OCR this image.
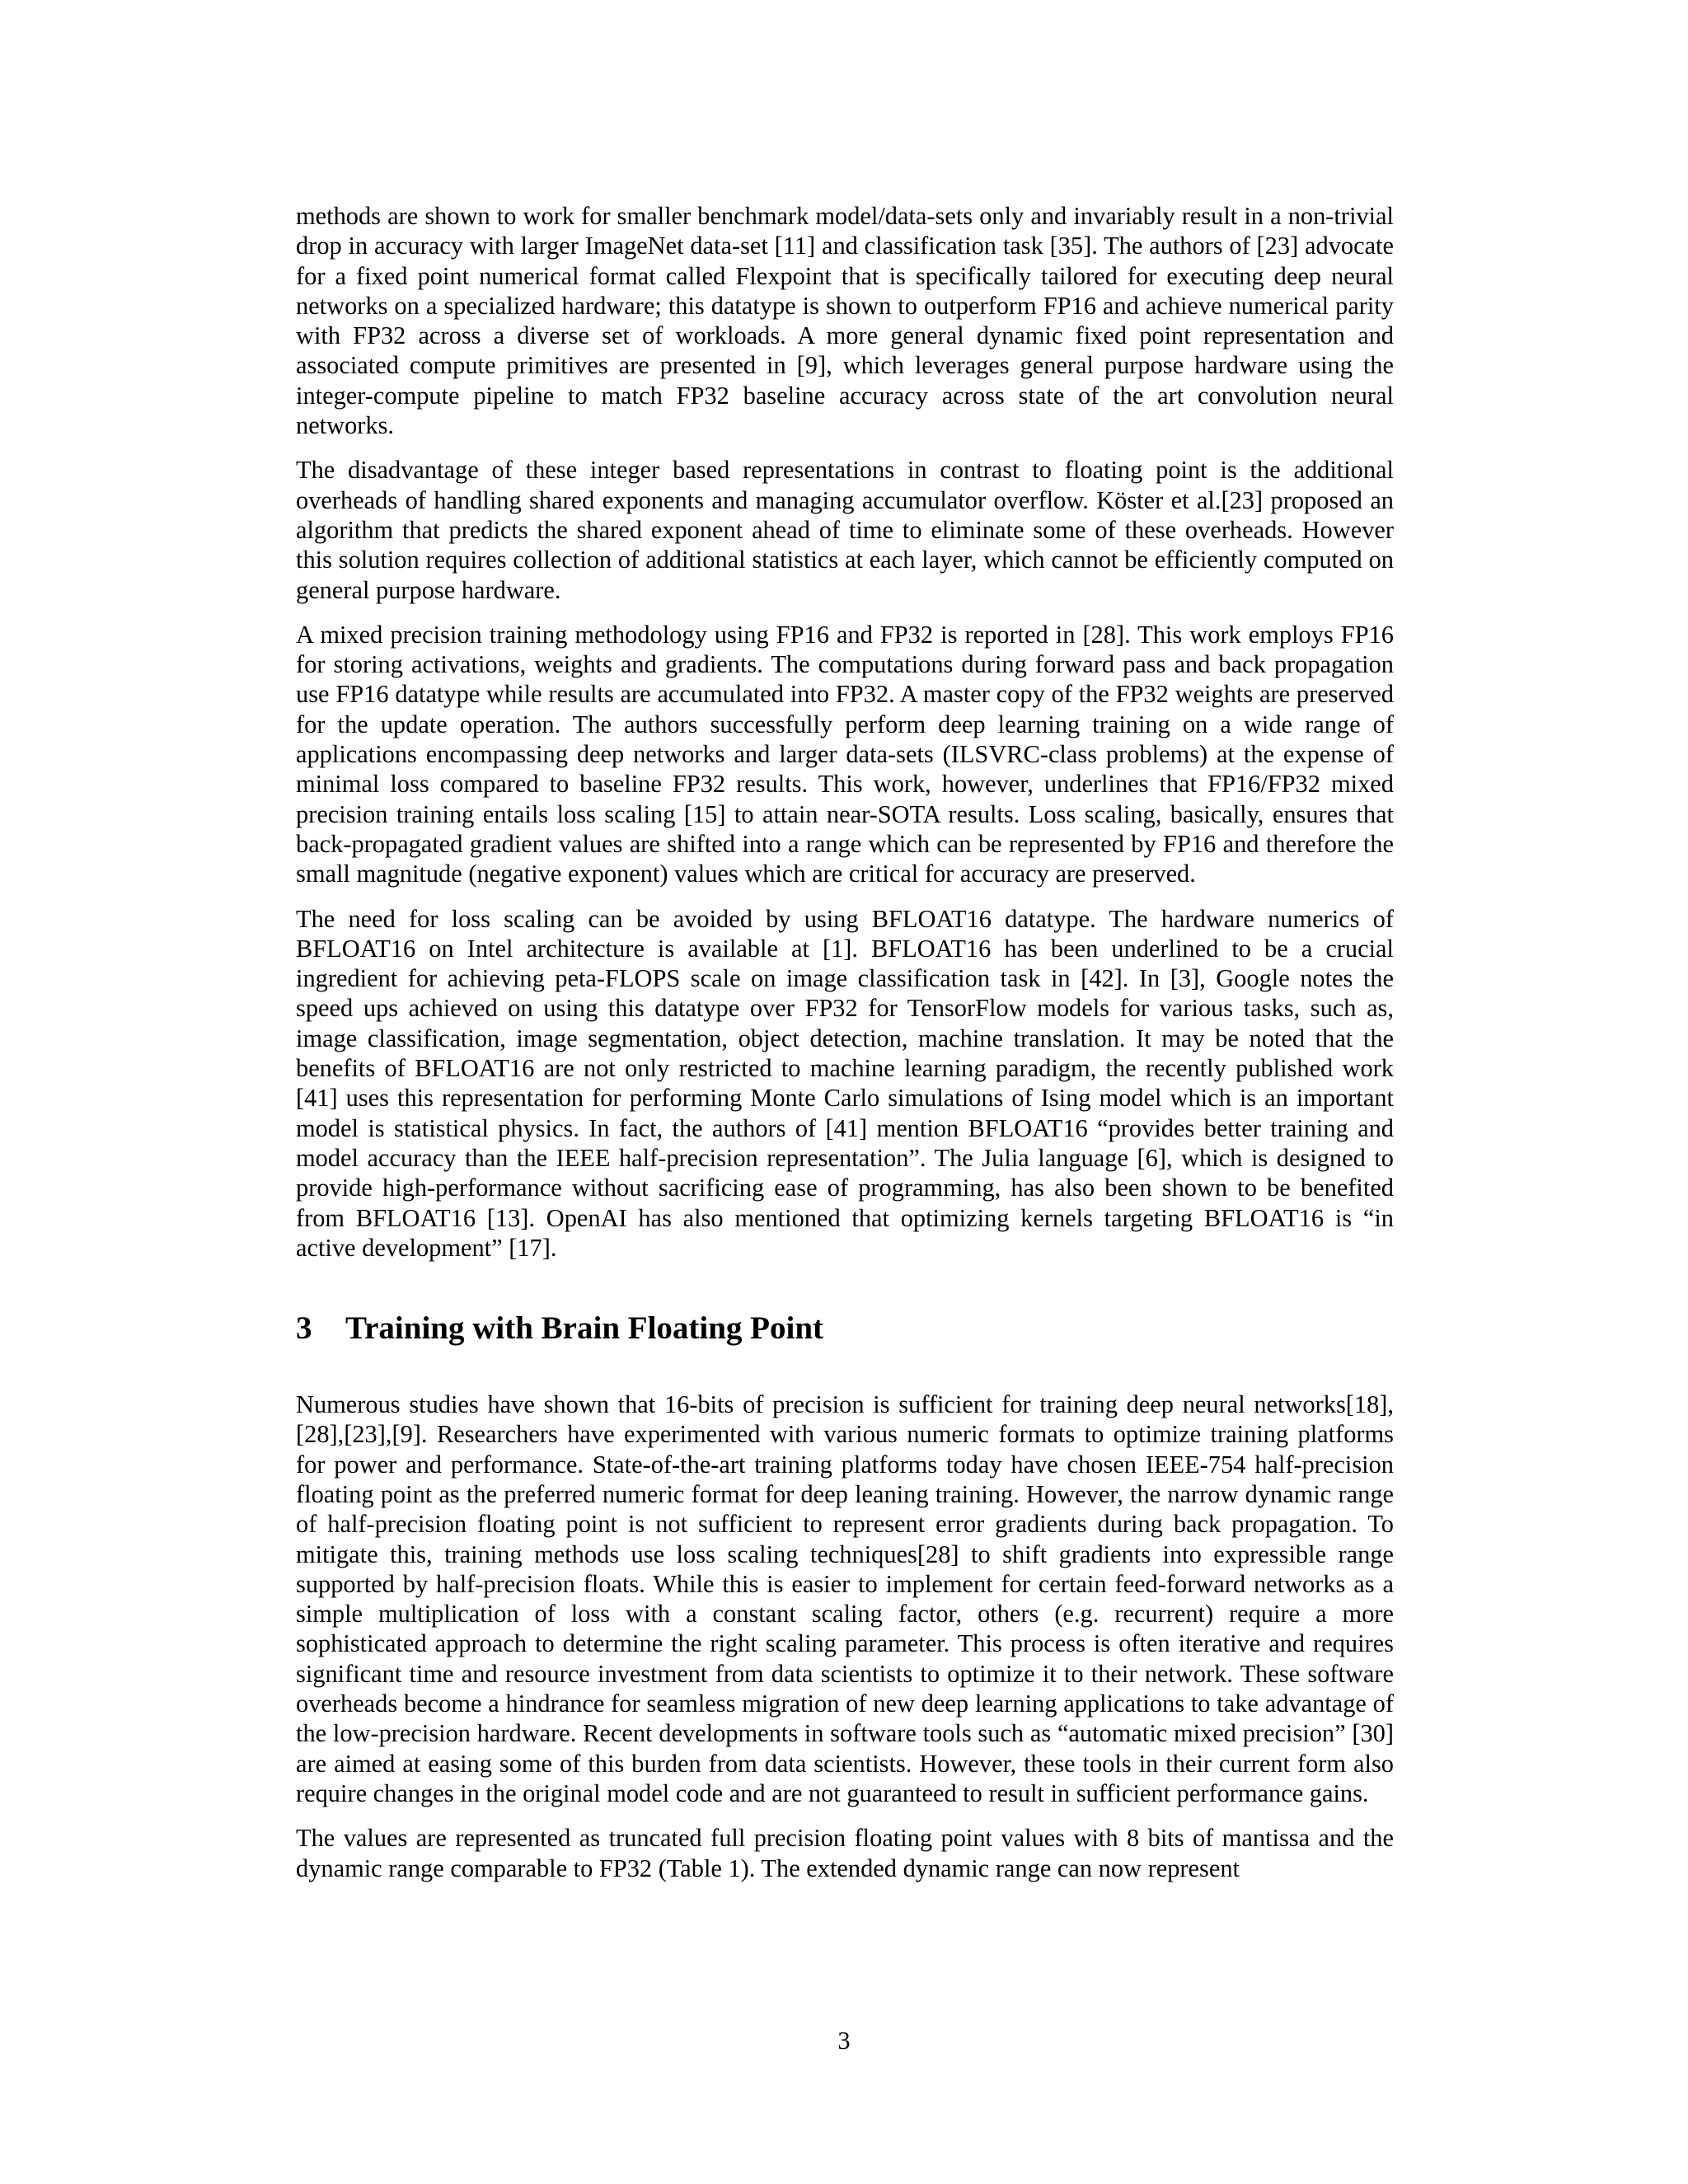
methods are shown to work for smaller benchmark model/data-sets only and invariably result in a non-trivial drop in accuracy with larger ImageNet data-set [11] and classification task [35]. The authors of [23] advocate for a fixed point numerical format called Flexpoint that is specifically tailored for executing deep neural networks on a specialized hardware; this datatype is shown to outperform FP16 and achieve numerical parity with FP32 across a diverse set of workloads. A more general dynamic fixed point representation and associated compute primitives are presented in [9], which leverages general purpose hardware using the integer-compute pipeline to match FP32 baseline accuracy across state of the art convolution neural networks.

The disadvantage of these integer based representations in contrast to floating point is the additional overheads of handling shared exponents and managing accumulator overflow. Köster et al.[23] proposed an algorithm that predicts the shared exponent ahead of time to eliminate some of these overheads. However this solution requires collection of additional statistics at each layer, which cannot be efficiently computed on general purpose hardware.

A mixed precision training methodology using FP16 and FP32 is reported in [28]. This work employs FP16 for storing activations, weights and gradients. The computations during forward pass and back propagation use FP16 datatype while results are accumulated into FP32. A master copy of the FP32 weights are preserved for the update operation. The authors successfully perform deep learning training on a wide range of applications encompassing deep networks and larger data-sets (ILSVRC-class problems) at the expense of minimal loss compared to baseline FP32 results. This work, however, underlines that FP16/FP32 mixed precision training entails loss scaling [15] to attain near-SOTA results. Loss scaling, basically, ensures that back-propagated gradient values are shifted into a range which can be represented by FP16 and therefore the small magnitude (negative exponent) values which are critical for accuracy are preserved.

The need for loss scaling can be avoided by using BFLOAT16 datatype. The hardware numerics of BFLOAT16 on Intel architecture is available at [1]. BFLOAT16 has been underlined to be a crucial ingredient for achieving peta-FLOPS scale on image classification task in [42]. In [3], Google notes the speed ups achieved on using this datatype over FP32 for TensorFlow models for various tasks, such as, image classification, image segmentation, object detection, machine translation. It may be noted that the benefits of BFLOAT16 are not only restricted to machine learning paradigm, the recently published work [41] uses this representation for performing Monte Carlo simulations of Ising model which is an important model is statistical physics. In fact, the authors of [41] mention BFLOAT16 “provides better training and model accuracy than the IEEE half-precision representation”. The Julia language [6], which is designed to provide high-performance without sacrificing ease of programming, has also been shown to be benefited from BFLOAT16 [13]. OpenAI has also mentioned that optimizing kernels targeting BFLOAT16 is “in active development” [17].

3 Training with Brain Floating Point

Numerous studies have shown that 16-bits of precision is sufficient for training deep neural networks[18],[28],[23],[9]. Researchers have experimented with various numeric formats to optimize training platforms for power and performance. State-of-the-art training platforms today have chosen IEEE-754 half-precision floating point as the preferred numeric format for deep leaning training. However, the narrow dynamic range of half-precision floating point is not sufficient to represent error gradients during back propagation. To mitigate this, training methods use loss scaling techniques[28] to shift gradients into expressible range supported by half-precision floats. While this is easier to implement for certain feed-forward networks as a simple multiplication of loss with a constant scaling factor, others (e.g. recurrent) require a more sophisticated approach to determine the right scaling parameter. This process is often iterative and requires significant time and resource investment from data scientists to optimize it to their network. These software overheads become a hindrance for seamless migration of new deep learning applications to take advantage of the low-precision hardware. Recent developments in software tools such as “automatic mixed precision” [30] are aimed at easing some of this burden from data scientists. However, these tools in their current form also require changes in the original model code and are not guaranteed to result in sufficient performance gains.

The values are represented as truncated full precision floating point values with 8 bits of mantissa and the dynamic range comparable to FP32 (Table 1). The extended dynamic range can now represent

3
